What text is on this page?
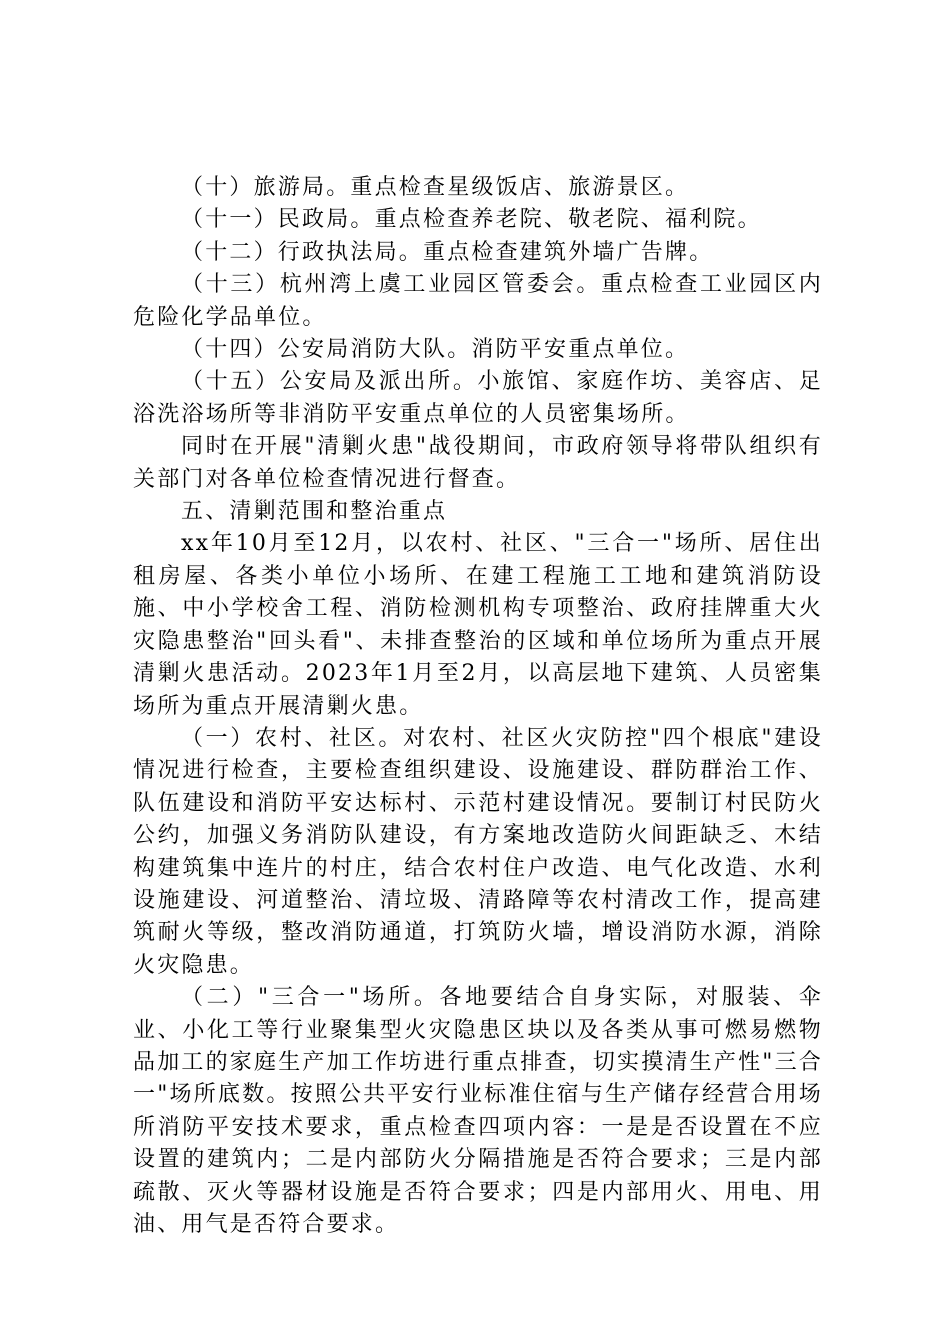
（十）旅游局。重点检查星级饭店、旅游景区。

（十一）民政局。重点检查养老院、敬老院、福利院。

（十二）行政执法局。重点检查建筑外墙广告牌。

（十三）杭州湾上虞工业园区管委会。重点检查工业园区内危险化学品单位。

（十四）公安局消防大队。消防平安重点单位。

（十五）公安局及派出所。小旅馆、家庭作坊、美容店、足浴洗浴场所等非消防平安重点单位的人员密集场所。

同时在开展"清剿火患"战役期间，市政府领导将带队组织有关部门对各单位检查情况进行督查。

五、清剿范围和整治重点

xx年10月至12月，以农村、社区、"三合一"场所、居住出租房屋、各类小单位小场所、在建工程施工工地和建筑消防设施、中小学校舍工程、消防检测机构专项整治、政府挂牌重大火灾隐患整治"回头看"、未排查整治的区域和单位场所为重点开展清剿火患活动。2023年1月至2月，以高层地下建筑、人员密集场所为重点开展清剿火患。

（一）农村、社区。对农村、社区火灾防控"四个根底"建设情况进行检查，主要检查组织建设、设施建设、群防群治工作、队伍建设和消防平安达标村、示范村建设情况。要制订村民防火公约，加强义务消防队建设，有方案地改造防火间距缺乏、木结构建筑集中连片的村庄，结合农村住户改造、电气化改造、水利设施建设、河道整治、清垃圾、清路障等农村清改工作，提高建筑耐火等级，整改消防通道，打筑防火墙，增设消防水源，消除火灾隐患。

（二）"三合一"场所。各地要结合自身实际，对服装、伞业、小化工等行业聚集型火灾隐患区块以及各类从事可燃易燃物品加工的家庭生产加工作坊进行重点排查，切实摸清生产性"三合一"场所底数。按照公共平安行业标准住宿与生产储存经营合用场所消防平安技术要求，重点检查四项内容：一是是否设置在不应设置的建筑内；二是内部防火分隔措施是否符合要求；三是内部疏散、灭火等器材设施是否符合要求；四是内部用火、用电、用油、用气是否符合要求。
